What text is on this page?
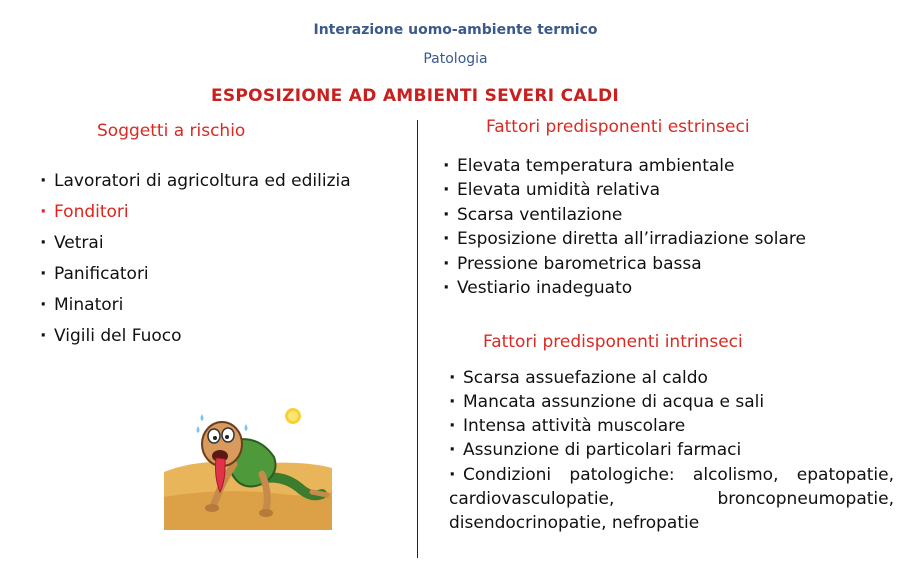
Interazione uomo-ambiente termico
Patologia
ESPOSIZIONE AD AMBIENTI SEVERI CALDI
Soggetti a rischio	Fattori predisponenti estrinseci
Fattori predisponenti intrinseci
· Lavoratori di agricoltura ed edilizia
· Fonditori
· Vetrai
· Panificatori
· Minatori
· Vigili del Fuoco
· Elevata temperatura ambientale
· Elevata umidità relativa
· Scarsa ventilazione
· Esposizione diretta all’irradiazione solare
· Pressione barometrica bassa
· Vestiario inadeguato
· Scarsa assuefazione al caldo
· Mancata assunzione di acqua e sali
· Intensa attività muscolare
· Assunzione di particolari farmaci
· Condizioni patologiche: alcolismo, epatopatie, cardiovasculopatie, broncopneumopatie, disendocrinopatie, nefropatie
